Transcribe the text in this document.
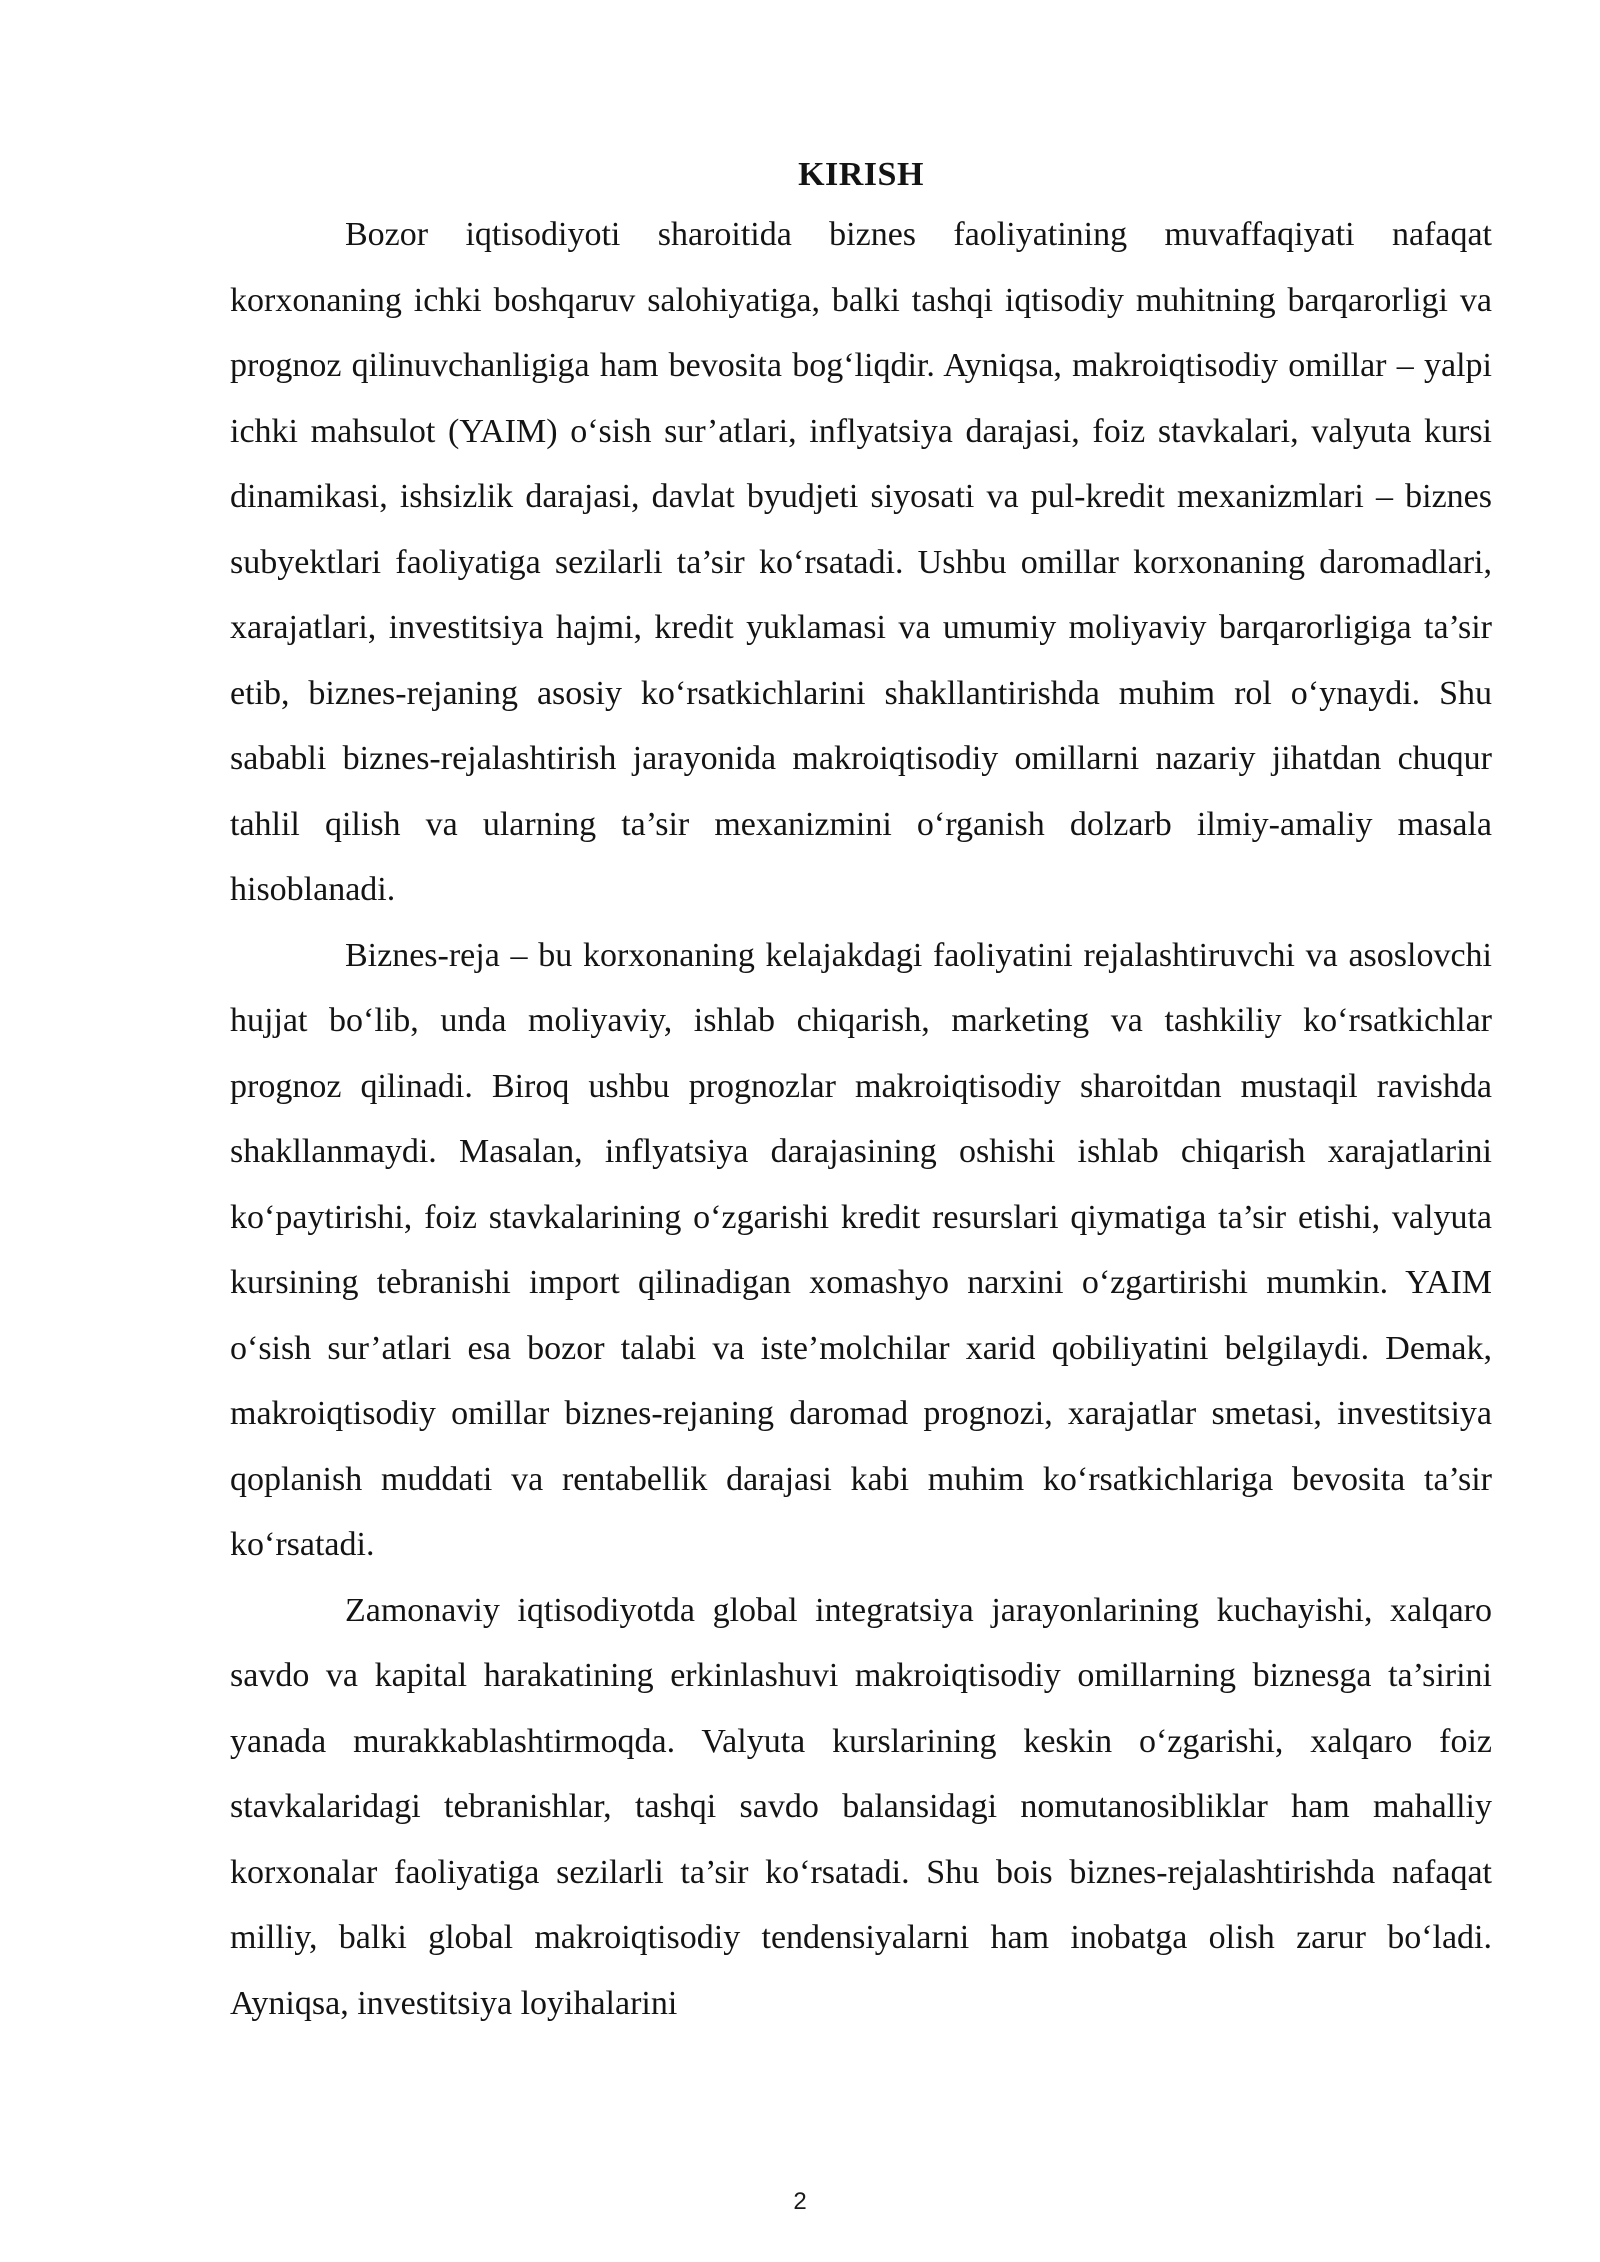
KIRISH

Bozor iqtisodiyoti sharoitida biznes faoliyatining muvaffaqiyati nafaqat korxonaning ichki boshqaruv salohiyatiga, balki tashqi iqtisodiy muhitning barqarorligi va prognoz qilinuvchanligiga ham bevosita bog‘liqdir. Ayniqsa, makroiqtisodiy omillar – yalpi ichki mahsulot (YAIM) o‘sish sur’atlari, inflyatsiya darajasi, foiz stavkalari, valyuta kursi dinamikasi, ishsizlik darajasi, davlat byudjeti siyosati va pul-kredit mexanizmlari – biznes subyektlari faoliyatiga sezilarli ta’sir ko‘rsatadi. Ushbu omillar korxonaning daromadlari, xarajatlari, investitsiya hajmi, kredit yuklamasi va umumiy moliyaviy barqarorligiga ta’sir etib, biznes-rejaning asosiy ko‘rsatkichlarini shakllantirishda muhim rol o‘ynaydi. Shu sababli biznes-rejalashtirish jarayonida makroiqtisodiy omillarni nazariy jihatdan chuqur tahlil qilish va ularning ta’sir mexanizmini o‘rganish dolzarb ilmiy-amaliy masala hisoblanadi.

Biznes-reja – bu korxonaning kelajakdagi faoliyatini rejalashtiruvchi va asoslovchi hujjat bo‘lib, unda moliyaviy, ishlab chiqarish, marketing va tashkiliy ko‘rsatkichlar prognoz qilinadi. Biroq ushbu prognozlar makroiqtisodiy sharoitdan mustaqil ravishda shakllanmaydi. Masalan, inflyatsiya darajasining oshishi ishlab chiqarish xarajatlarini ko‘paytirishi, foiz stavkalarining o‘zgarishi kredit resurslari qiymatiga ta’sir etishi, valyuta kursining tebranishi import qilinadigan xomashyo narxini o‘zgartirishi mumkin. YAIM o‘sish sur’atlari esa bozor talabi va iste’molchilar xarid qobiliyatini belgilaydi. Demak, makroiqtisodiy omillar biznes-rejaning daromad prognozi, xarajatlar smetasi, investitsiya qoplanish muddati va rentabellik darajasi kabi muhim ko‘rsatkichlariga bevosita ta’sir ko‘rsatadi.

Zamonaviy iqtisodiyotda global integratsiya jarayonlarining kuchayishi, xalqaro savdo va kapital harakatining erkinlashuvi makroiqtisodiy omillarning biznesga ta’sirini yanada murakkablashtirmoqda. Valyuta kurslarining keskin o‘zgarishi, xalqaro foiz stavkalaridagi tebranishlar, tashqi savdo balansidagi nomutanosibliklar ham mahalliy korxonalar faoliyatiga sezilarli ta’sir ko‘rsatadi. Shu bois biznes-rejalashtirishda nafaqat milliy, balki global makroiqtisodiy tendensiyalarni ham inobatga olish zarur bo‘ladi. Ayniqsa, investitsiya loyihalarini

2
